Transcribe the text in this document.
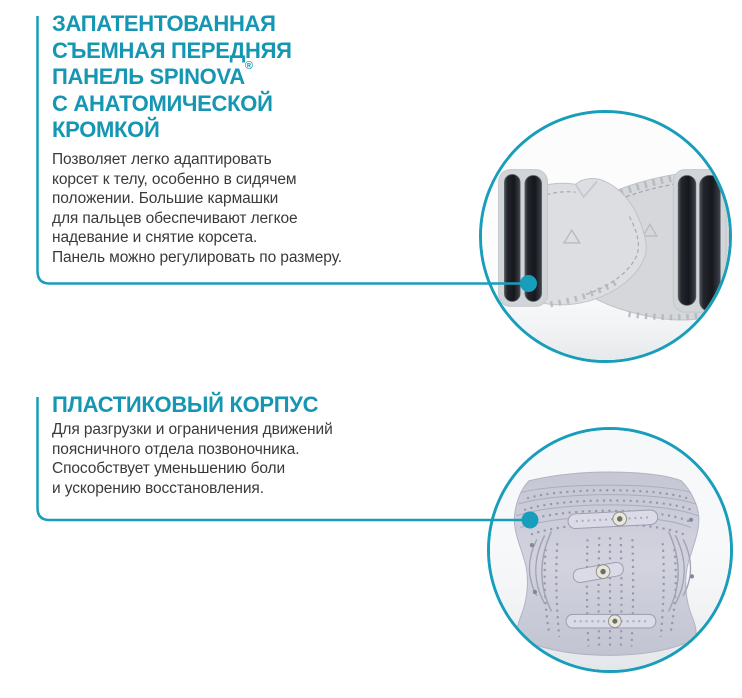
ЗАПАТЕНТОВАННАЯ
СЪЕМНАЯ ПЕРЕДНЯЯ
ПАНЕЛЬ SPINOVA®
С АНАТОМИЧЕСКОЙ
КРОМКОЙ

Позволяет легко адаптировать
корсет к телу, особенно в сидячем
положении. Большие кармашки
для пальцев обеспечивают легкое
надевание и снятие корсета.
Панель можно регулировать по размеру.

ПЛАСТИКОВЫЙ КОРПУС

Для разгрузки и ограничения движений
поясничного отдела позвоночника.
Способствует уменьшению боли
и ускорению восстановления.
